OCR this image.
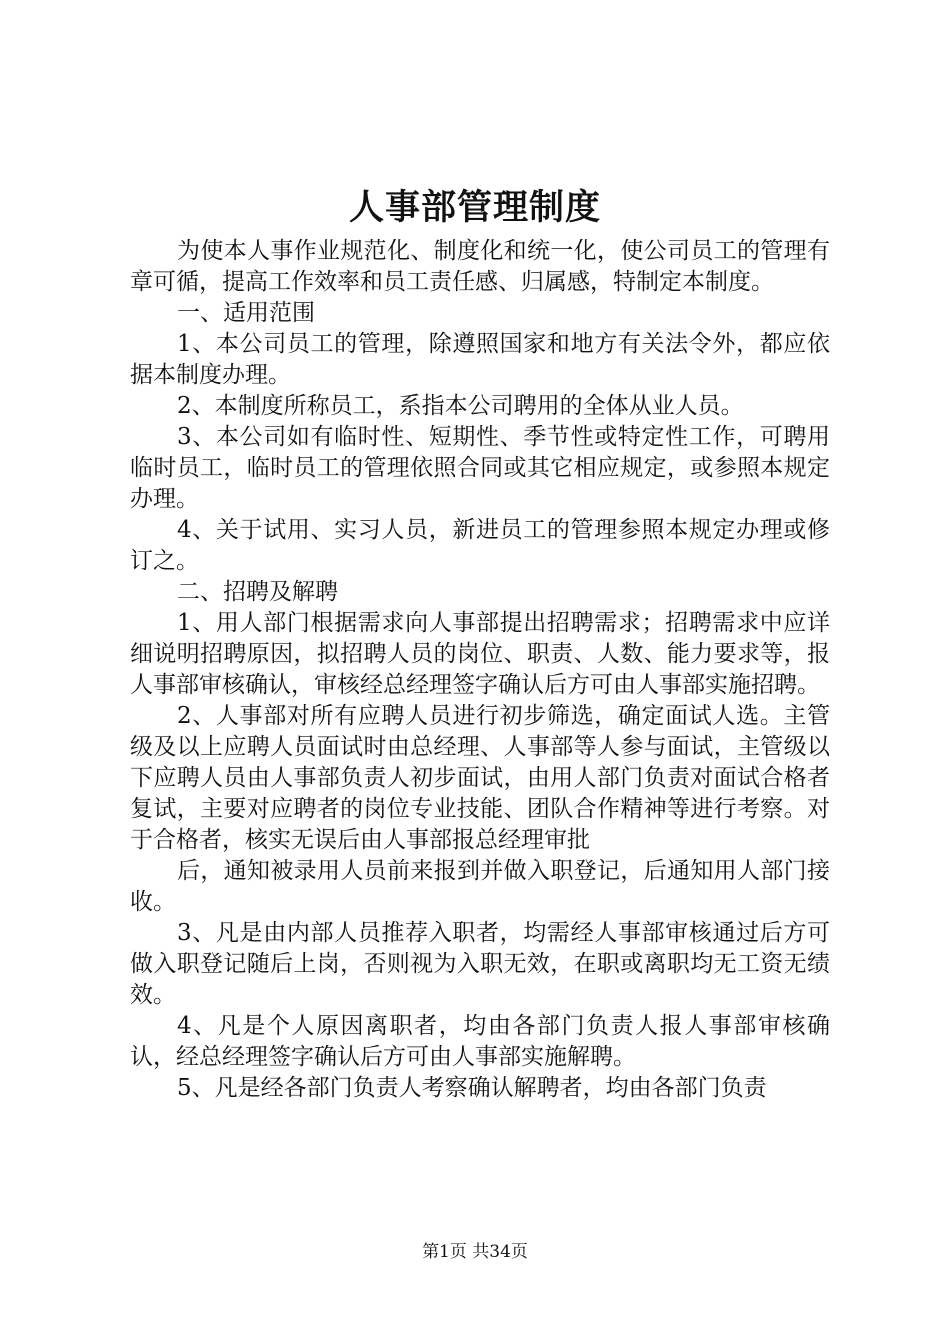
人事部管理制度

为使本人事作业规范化、制度化和统一化，使公司员工的管理有章可循，提高工作效率和员工责任感、归属感，特制定本制度。

一、适用范围

1、本公司员工的管理，除遵照国家和地方有关法令外，都应依据本制度办理。

2、本制度所称员工，系指本公司聘用的全体从业人员。

3、本公司如有临时性、短期性、季节性或特定性工作，可聘用临时员工，临时员工的管理依照合同或其它相应规定，或参照本规定办理。

4、关于试用、实习人员，新进员工的管理参照本规定办理或修订之。

二、招聘及解聘

1、用人部门根据需求向人事部提出招聘需求；招聘需求中应详细说明招聘原因，拟招聘人员的岗位、职责、人数、能力要求等，报人事部审核确认，审核经总经理签字确认后方可由人事部实施招聘。

2、人事部对所有应聘人员进行初步筛选，确定面试人选。主管级及以上应聘人员面试时由总经理、人事部等人参与面试，主管级以下应聘人员由人事部负责人初步面试，由用人部门负责对面试合格者复试，主要对应聘者的岗位专业技能、团队合作精神等进行考察。对于合格者，核实无误后由人事部报总经理审批

后，通知被录用人员前来报到并做入职登记，后通知用人部门接收。

3、凡是由内部人员推荐入职者，均需经人事部审核通过后方可做入职登记随后上岗，否则视为入职无效，在职或离职均无工资无绩效。

4、凡是个人原因离职者，均由各部门负责人报人事部审核确认，经总经理签字确认后方可由人事部实施解聘。

5、凡是经各部门负责人考察确认解聘者，均由各部门负责

第1页 共34页
